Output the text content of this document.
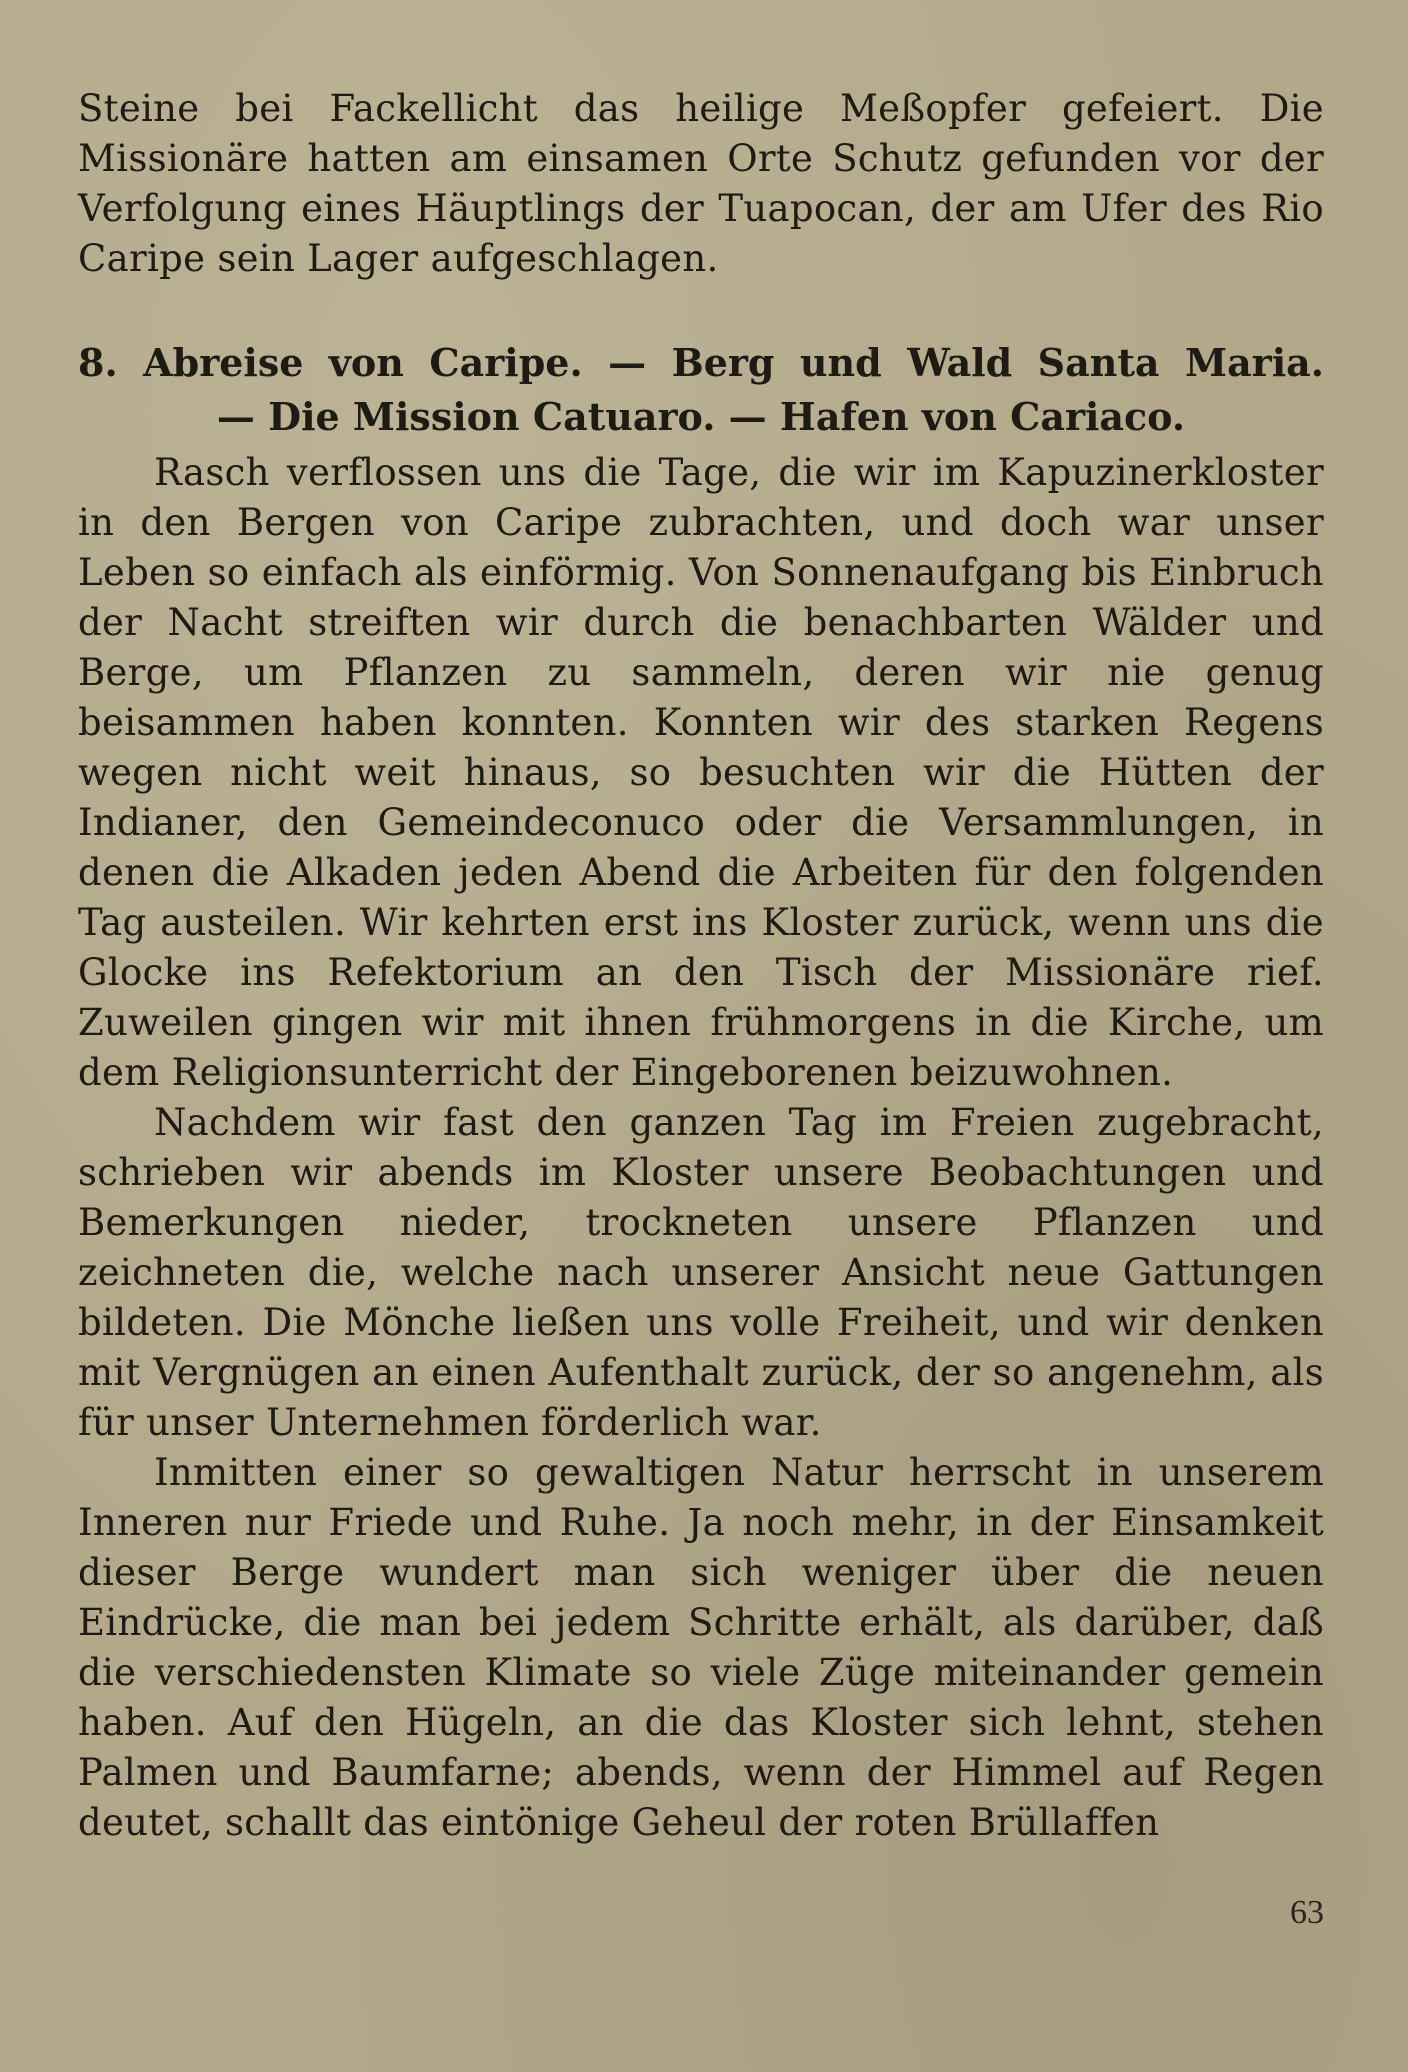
Steine bei Fackellicht das heilige Meßopfer gefeiert. Die Missionäre hatten am einsamen Orte Schutz gefunden vor der Verfolgung eines Häuptlings der Tuapocan, der am Ufer des Rio Caripe sein Lager aufgeschlagen.

8. Abreise von Caripe. — Berg und Wald Santa Maria.
— Die Mission Catuaro. — Hafen von Cariaco.

Rasch verflossen uns die Tage, die wir im Kapuzinerkloster in den Bergen von Caripe zubrachten, und doch war unser Leben so einfach als einförmig. Von Sonnenaufgang bis Einbruch der Nacht streiften wir durch die benachbarten Wälder und Berge, um Pflanzen zu sammeln, deren wir nie genug beisammen haben konnten. Konnten wir des starken Regens wegen nicht weit hinaus, so besuchten wir die Hütten der Indianer, den Gemeindeconuco oder die Versammlungen, in denen die Alkaden jeden Abend die Arbeiten für den folgenden Tag austeilen. Wir kehrten erst ins Kloster zurück, wenn uns die Glocke ins Refektorium an den Tisch der Missionäre rief. Zuweilen gingen wir mit ihnen frühmorgens in die Kirche, um dem Religionsunterricht der Eingeborenen beizuwohnen.

Nachdem wir fast den ganzen Tag im Freien zugebracht, schrieben wir abends im Kloster unsere Beobachtungen und Bemerkungen nieder, trockneten unsere Pflanzen und zeichneten die, welche nach unserer Ansicht neue Gattungen bildeten. Die Mönche ließen uns volle Freiheit, und wir denken mit Vergnügen an einen Aufenthalt zurück, der so angenehm, als für unser Unternehmen förderlich war.

Inmitten einer so gewaltigen Natur herrscht in unserem Inneren nur Friede und Ruhe. Ja noch mehr, in der Einsamkeit dieser Berge wundert man sich weniger über die neuen Eindrücke, die man bei jedem Schritte erhält, als darüber, daß die verschiedensten Klimate so viele Züge miteinander gemein haben. Auf den Hügeln, an die das Kloster sich lehnt, stehen Palmen und Baumfarne; abends, wenn der Himmel auf Regen deutet, schallt das eintönige Geheul der roten Brüllaffen

63
